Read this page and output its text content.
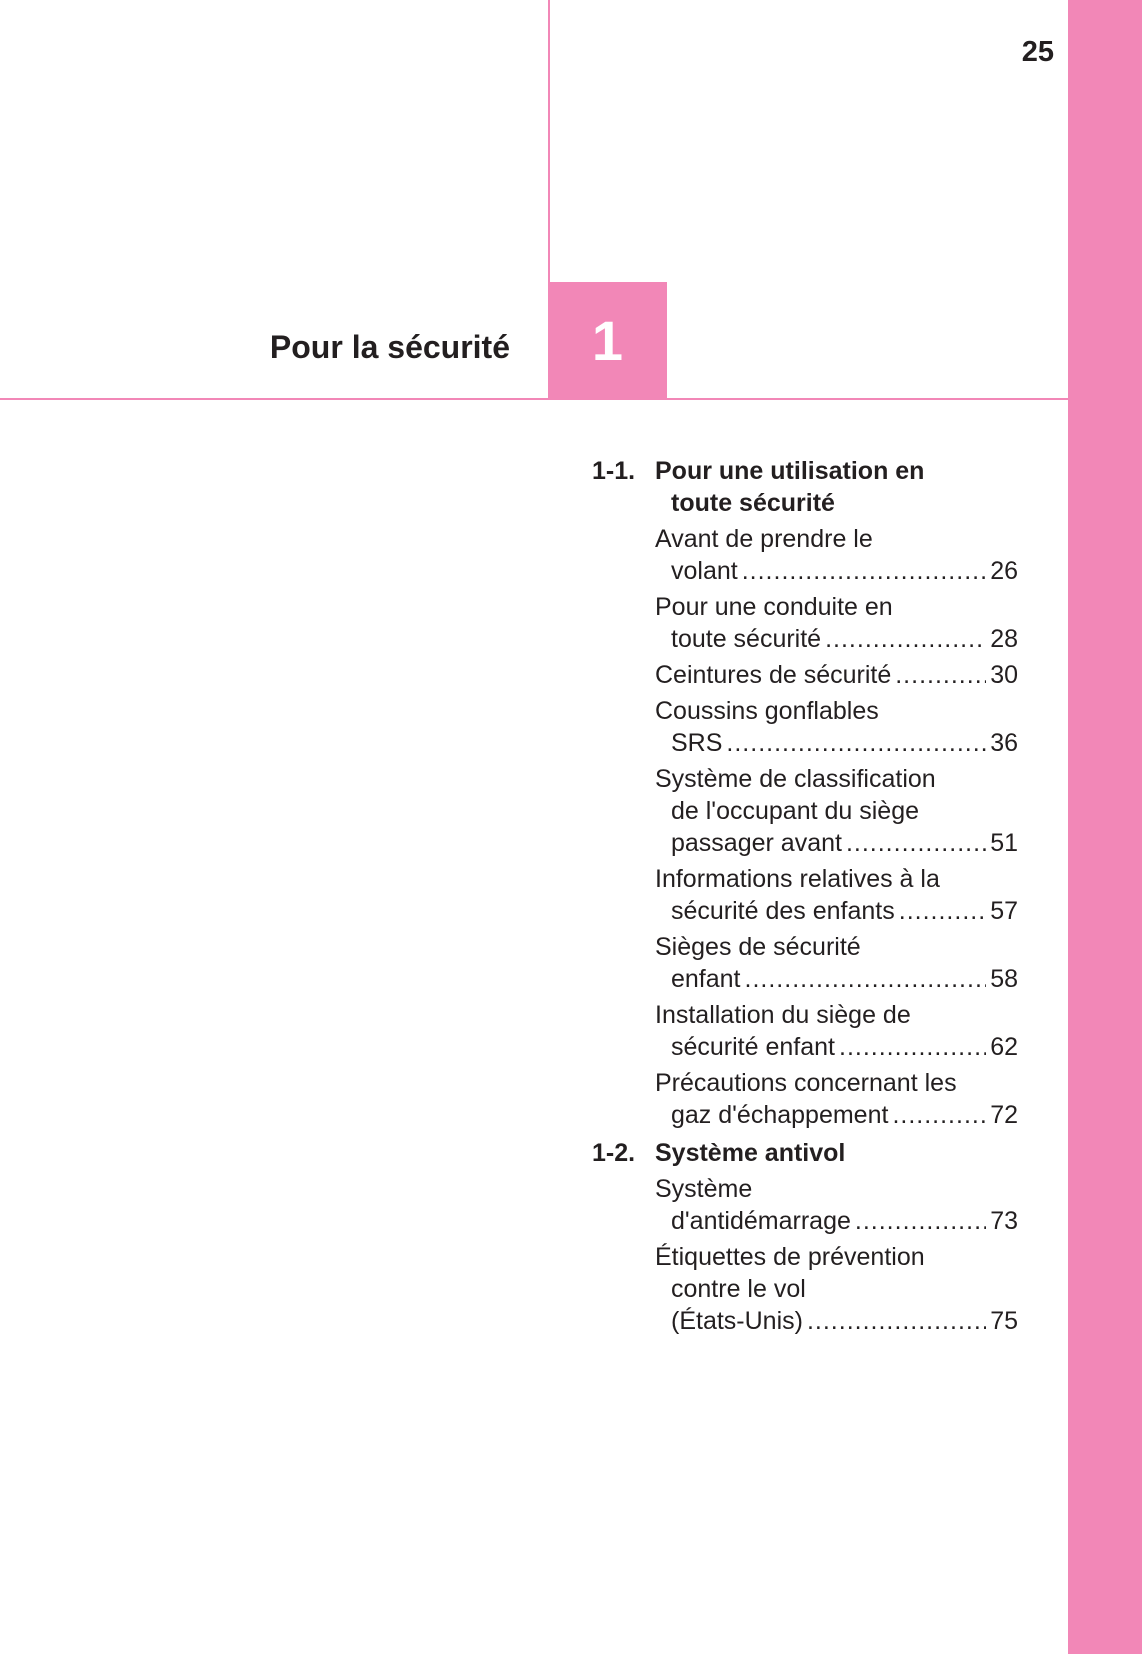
25
1
Pour la sécurité
1-1. Pour une utilisation en
toute sécurité
Avant de prendre le
volant .....	26
Pour une conduite en
toute sécurité .....	28
Ceintures de sécurité .....	30
Coussins gonflables
SRS .....	36
Système de classification
de l'occupant du siège
passager avant .....	51
Informations relatives à la
sécurité des enfants .....	57
Sièges de sécurité
enfant .....	58
Installation du siège de
sécurité enfant .....	62
Précautions concernant les
gaz d'échappement .....	72
1-2. Système antivol
Système
d'antidémarrage .....	73
Étiquettes de prévention
contre le vol
(États-Unis) .....	75
